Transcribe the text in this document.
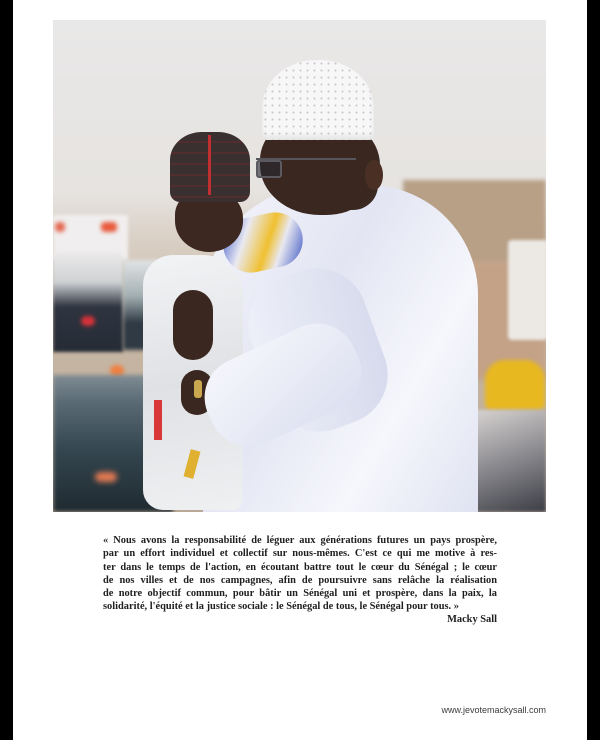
« Nous avons la responsabilité de léguer aux générations futures un pays prospère,
par un effort individuel et collectif sur nous-mêmes. C'est ce qui me motive à res-
ter dans le temps de l'action, en écoutant battre tout le cœur du Sénégal ; le cœur
de nos villes et de nos campagnes, afin de poursuivre sans relâche la réalisation
de notre objectif commun, pour bâtir un Sénégal uni et prospère, dans la paix, la
solidarité, l'équité et la justice sociale : le Sénégal de tous, le Sénégal pour tous. »
Macky Sall
www.jevotemackysall.com
